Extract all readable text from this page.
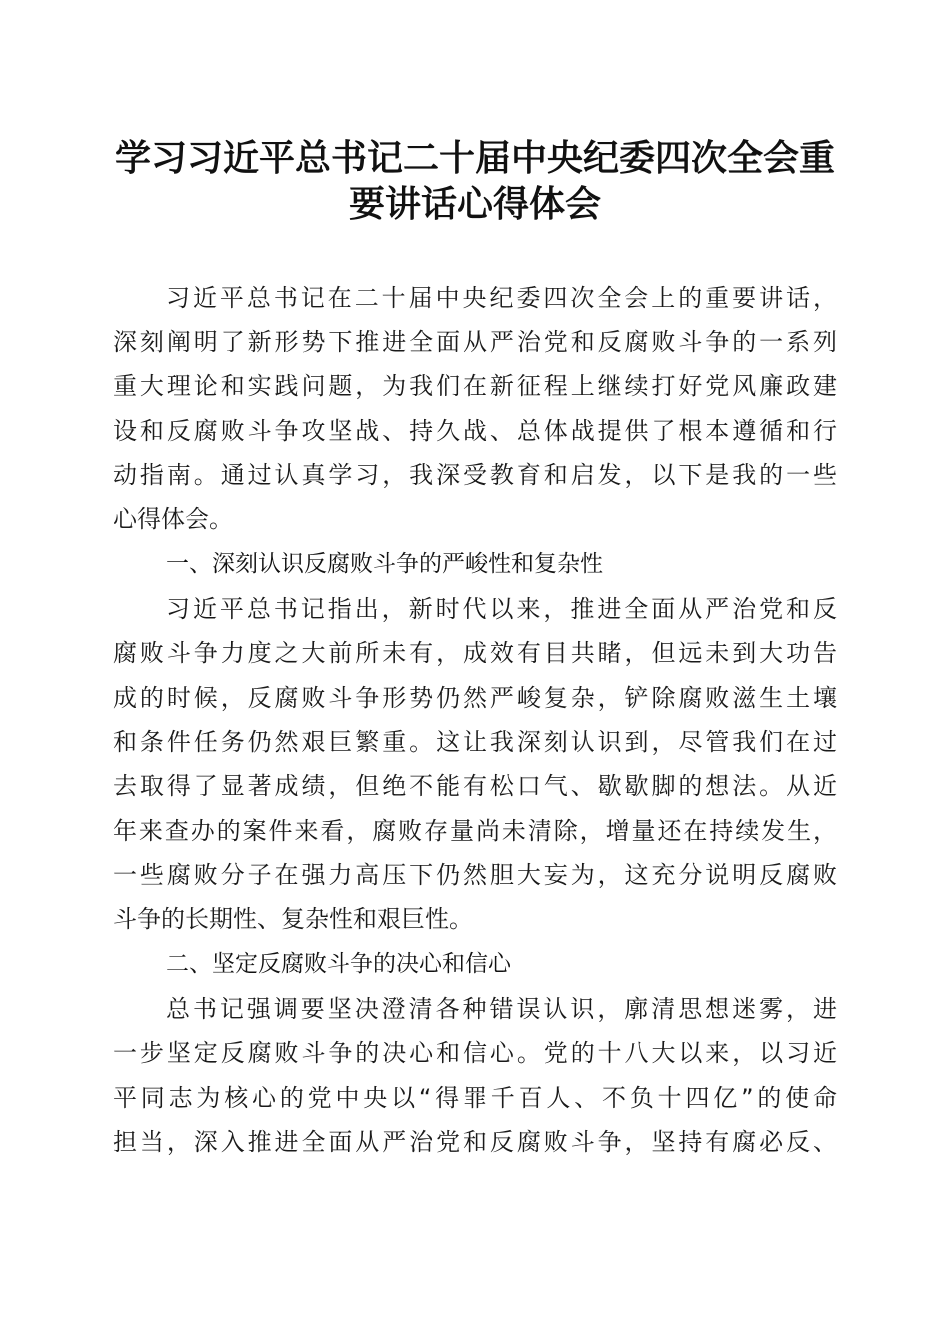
学习习近平总书记二十届中央纪委四次全会重
要讲话心得体会
习近平总书记在二十届中央纪委四次全会上的重要讲话，
深刻阐明了新形势下推进全面从严治党和反腐败斗争的一系列
重大理论和实践问题，为我们在新征程上继续打好党风廉政建
设和反腐败斗争攻坚战、持久战、总体战提供了根本遵循和行
动指南。通过认真学习，我深受教育和启发，以下是我的一些
心得体会。
一、深刻认识反腐败斗争的严峻性和复杂性
习近平总书记指出，新时代以来，推进全面从严治党和反
腐败斗争力度之大前所未有，成效有目共睹，但远未到大功告
成的时候，反腐败斗争形势仍然严峻复杂，铲除腐败滋生土壤
和条件任务仍然艰巨繁重。这让我深刻认识到，尽管我们在过
去取得了显著成绩，但绝不能有松口气、歇歇脚的想法。从近
年来查办的案件来看，腐败存量尚未清除，增量还在持续发生，
一些腐败分子在强力高压下仍然胆大妄为，这充分说明反腐败
斗争的长期性、复杂性和艰巨性。
二、坚定反腐败斗争的决心和信心
总书记强调要坚决澄清各种错误认识，廓清思想迷雾，进
一步坚定反腐败斗争的决心和信心。党的十八大以来，以习近
平同志为核心的党中央以“得罪千百人、不负十四亿”的使命
担当，深入推进全面从严治党和反腐败斗争，坚持有腐必反、
